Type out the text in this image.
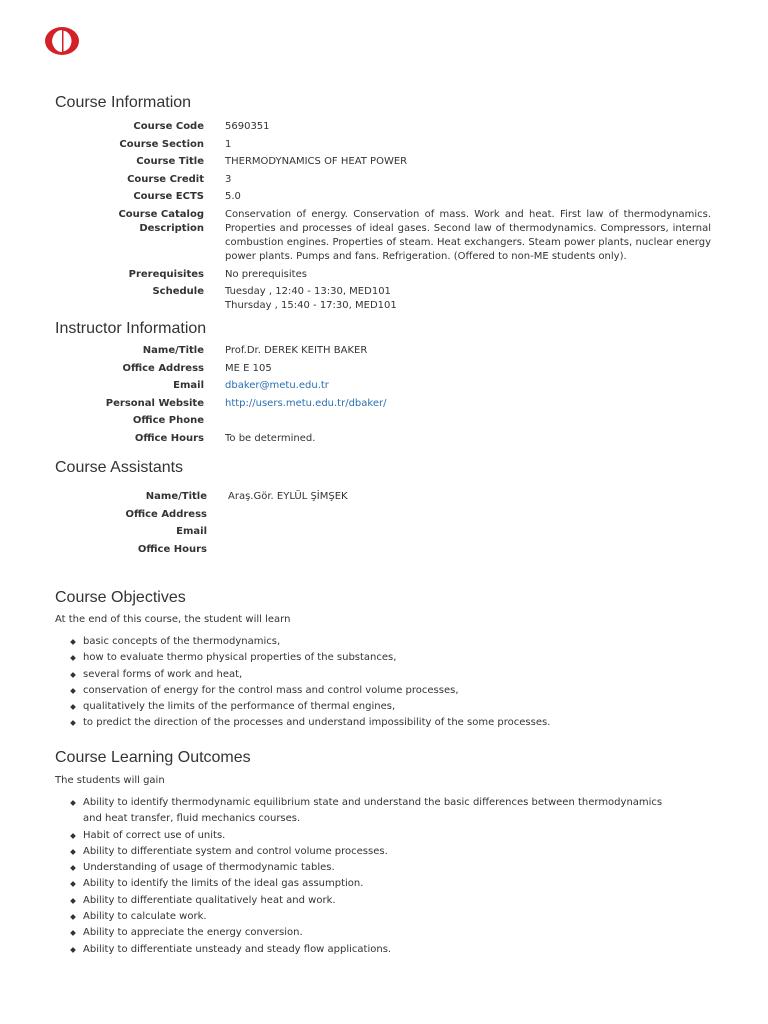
Course Information
Course Code 5690351
Course Section 1
Course Title THERMODYNAMICS OF HEAT POWER
Course Credit 3
Course ECTS 5.0
Course Catalog Description
Conservation of energy. Conservation of mass. Work and heat. First law of thermodynamics. Properties and processes of ideal gases. Second law of thermodynamics. Compressors, internal combustion engines. Properties of steam. Heat exchangers. Steam power plants, nuclear energy power plants. Pumps and fans. Refrigeration. (Offered to non-ME students only).
Prerequisites No prerequisites
Schedule Tuesday , 12:40 - 13:30, MED101
Thursday , 15:40 - 17:30, MED101
Instructor Information
Name/Title Prof.Dr. DEREK KEITH BAKER
Office Address ME E 105
Email dbaker@metu.edu.tr
Personal Website http://users.metu.edu.tr/dbaker/
Office Phone
Office Hours To be determined.
Course Assistants
Name/Title Araş.Gör. EYLÜL ŞİMŞEK
Office Address
Email
Office Hours
Course Objectives

At the end of this course, the student will learn

basic concepts of the thermodynamics,
how to evaluate thermo physical properties of the substances,
several forms of work and heat,
conservation of energy for the control mass and control volume processes,
qualitatively the limits of the performance of thermal engines,
to predict the direction of the processes and understand impossibility of the some processes.
Course Learning Outcomes

The students will gain

Ability to identify thermodynamic equilibrium state and understand the basic differences between thermodynamics and heat transfer, fluid mechanics courses.
Habit of correct use of units.
Ability to differentiate system and control volume processes.
Understanding of usage of thermodynamic tables.
Ability to identify the limits of the ideal gas assumption.
Ability to differentiate qualitatively heat and work.
Ability to calculate work.
Ability to appreciate the energy conversion.
Ability to differentiate unsteady and steady flow applications.
